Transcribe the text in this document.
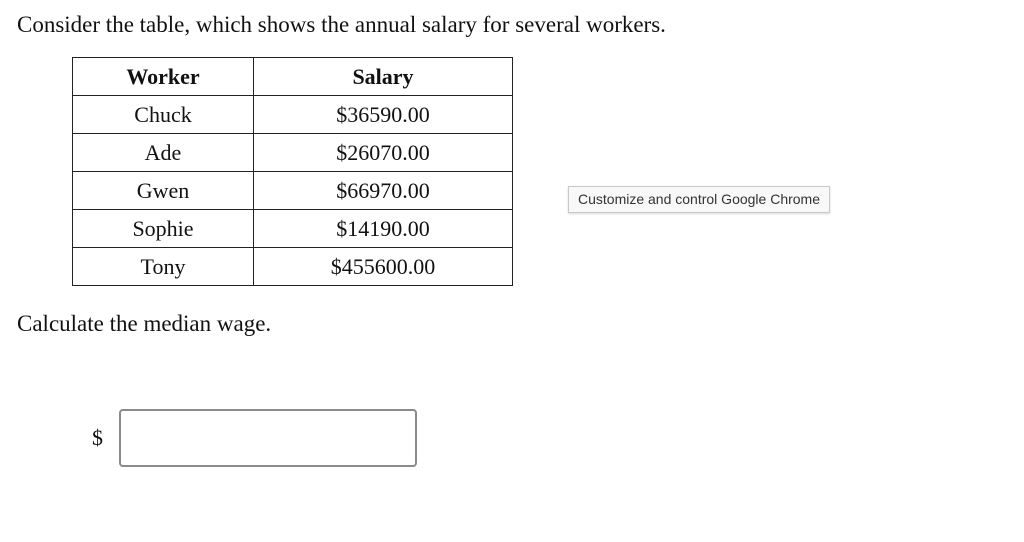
Consider the table, which shows the annual salary for several workers.

Worker	Salary
Chuck	$36590.00
Ade	$26070.00
Gwen	$66970.00
Sophie	$14190.00
Tony	$455600.00
Customize and control Google Chrome

Calculate the median wage.

$
